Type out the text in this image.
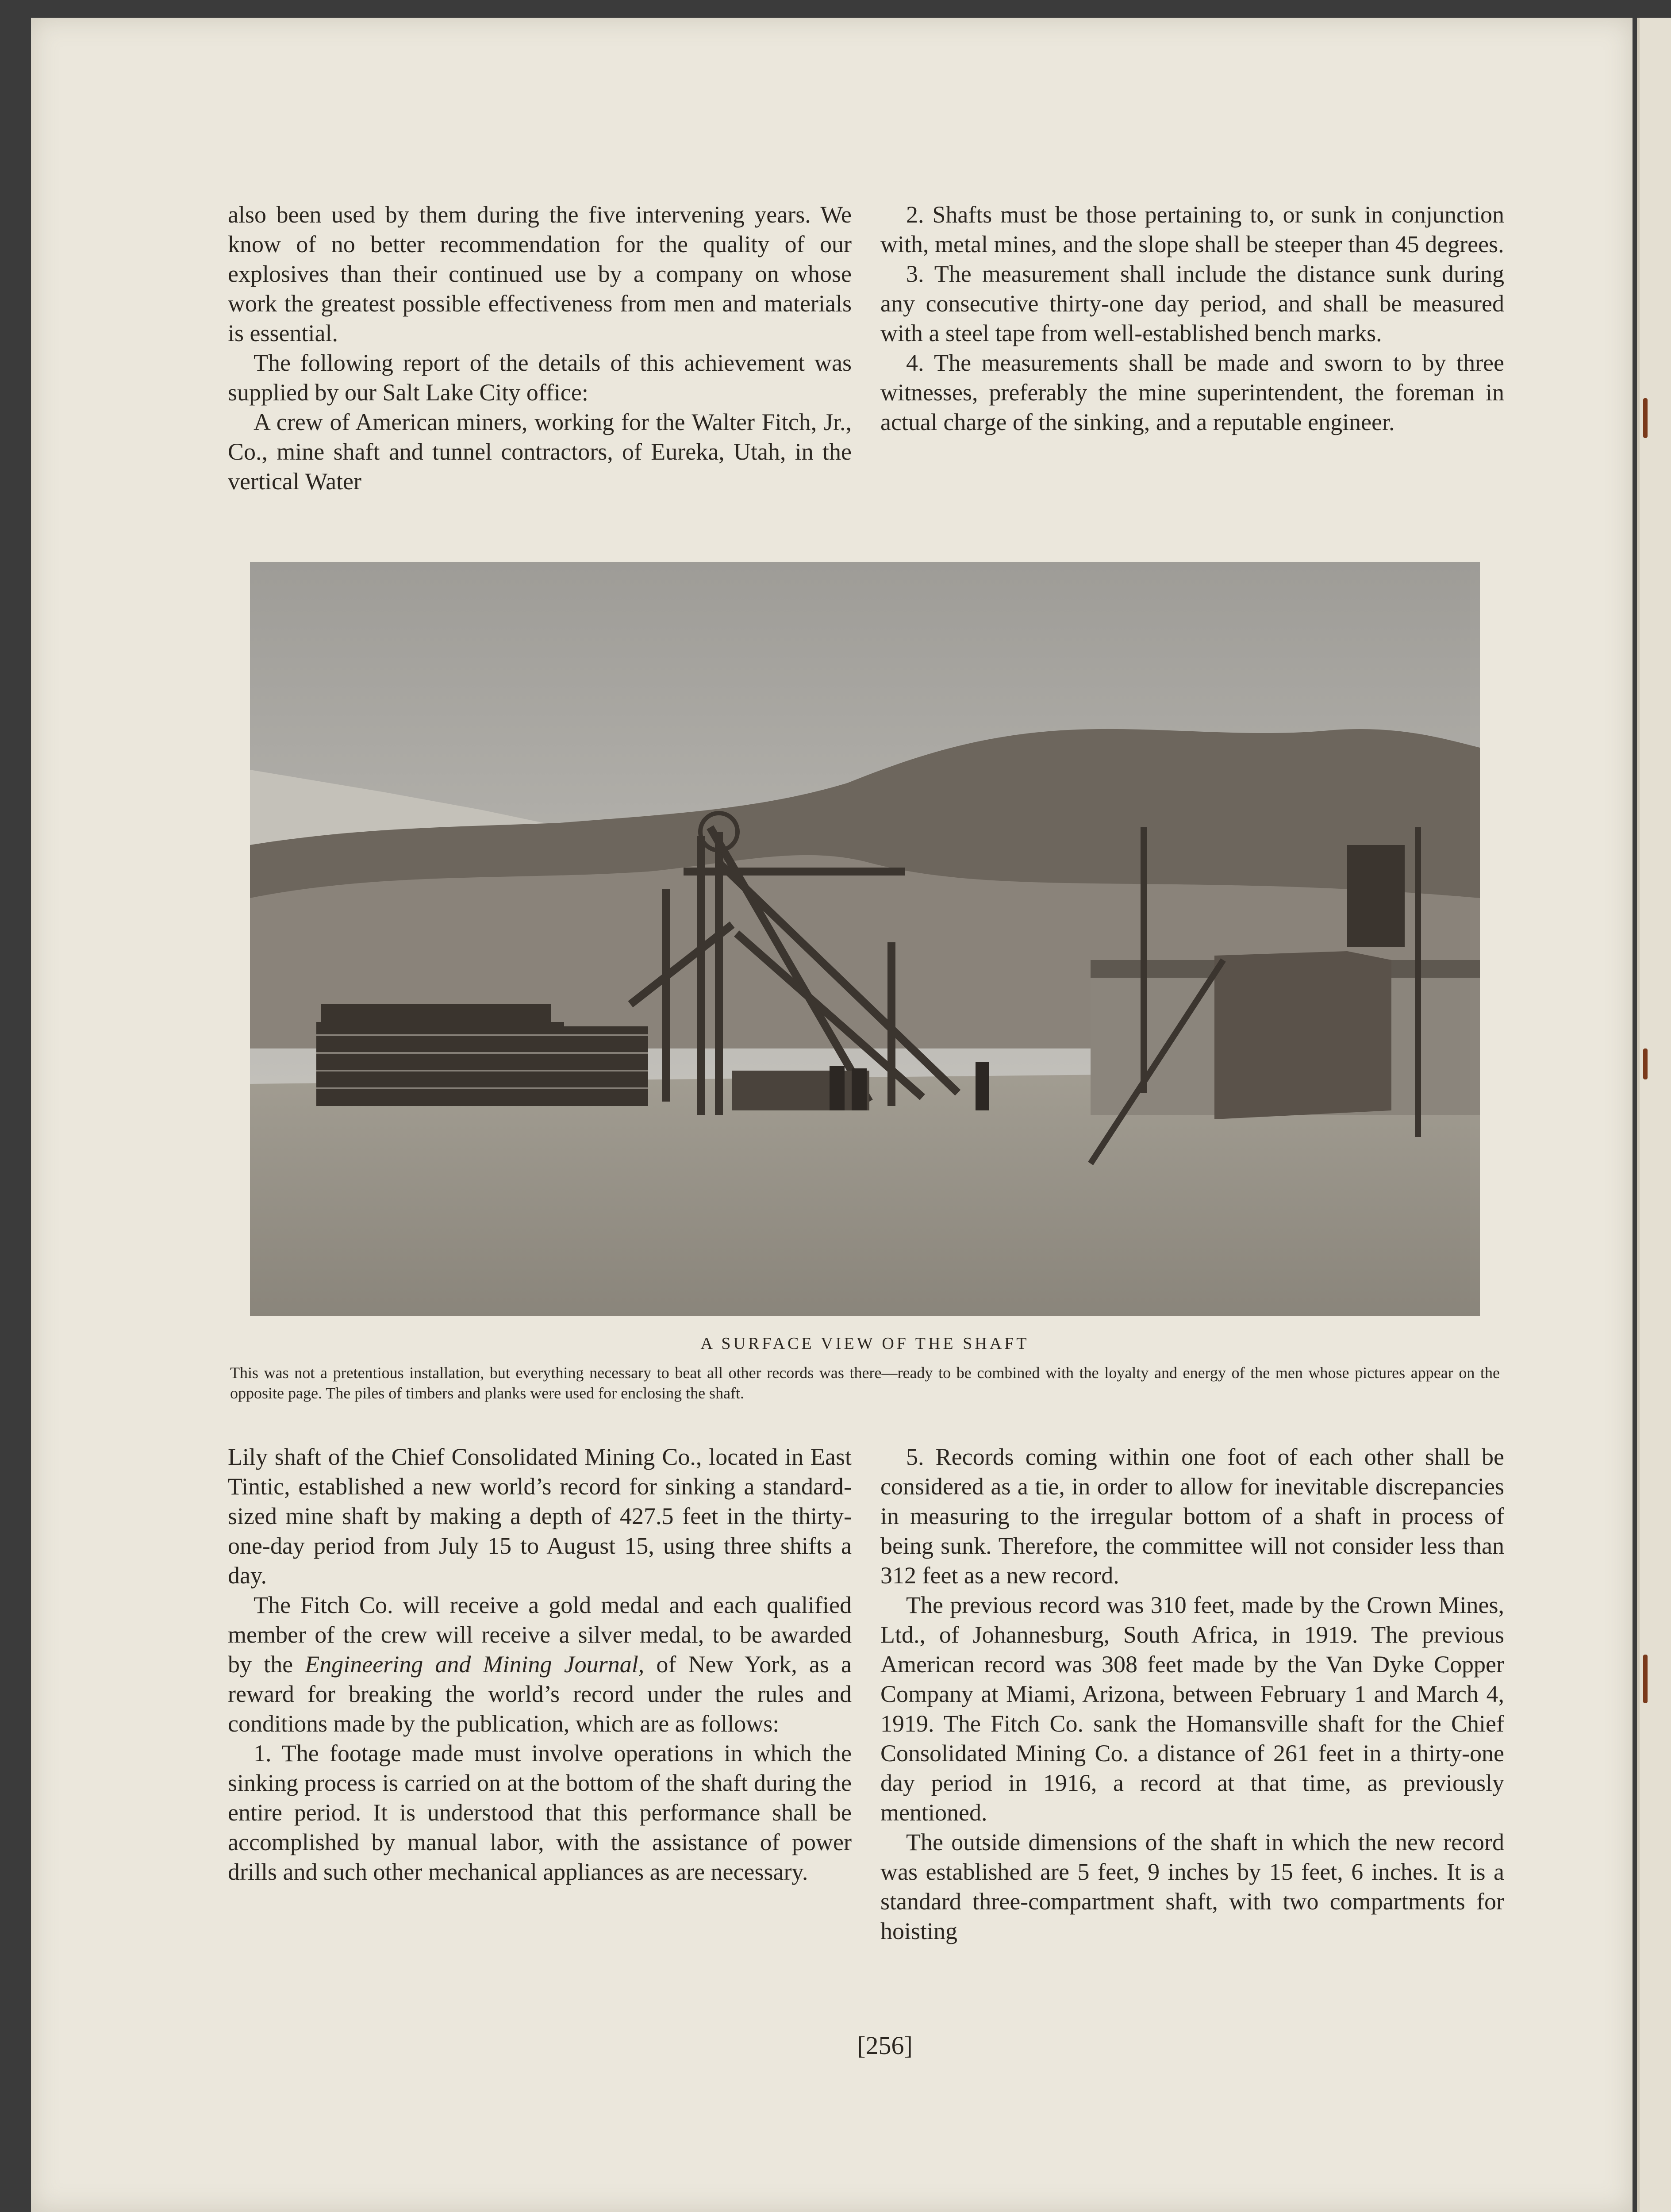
also been used by them during the five intervening years. We know of no better recommendation for the quality of our explosives than their continued use by a company on whose work the greatest possible effectiveness from men and materials is essential.

The following report of the details of this achievement was supplied by our Salt Lake City office:

A crew of American miners, working for the Walter Fitch, Jr., Co., mine shaft and tunnel contractors, of Eureka, Utah, in the vertical Water

2. Shafts must be those pertaining to, or sunk in conjunction with, metal mines, and the slope shall be steeper than 45 degrees.

3. The measurement shall include the distance sunk during any consecutive thirty-one day period, and shall be measured with a steel tape from well-established bench marks.

4. The measurements shall be made and sworn to by three witnesses, preferably the mine superintendent, the foreman in actual charge of the sinking, and a reputable engineer.

A SURFACE VIEW OF THE SHAFT
This was not a pretentious installation, but everything necessary to beat all other records was there—ready to be combined with the loyalty and energy of the men whose pictures appear on the opposite page. The piles of timbers and planks were used for enclosing the shaft.

Lily shaft of the Chief Consolidated Mining Co., located in East Tintic, established a new world’s record for sinking a standard-sized mine shaft by making a depth of 427.5 feet in the thirty-one-day period from July 15 to August 15, using three shifts a day.

The Fitch Co. will receive a gold medal and each qualified member of the crew will receive a silver medal, to be awarded by the Engineering and Mining Journal, of New York, as a reward for breaking the world’s record under the rules and conditions made by the publication, which are as follows:

1. The footage made must involve operations in which the sinking process is carried on at the bottom of the shaft during the entire period. It is understood that this performance shall be accomplished by manual labor, with the assistance of power drills and such other mechanical appliances as are necessary.

5. Records coming within one foot of each other shall be considered as a tie, in order to allow for inevitable discrepancies in measuring to the irregular bottom of a shaft in process of being sunk. Therefore, the committee will not consider less than 312 feet as a new record.

The previous record was 310 feet, made by the Crown Mines, Ltd., of Johannesburg, South Africa, in 1919. The previous American record was 308 feet made by the Van Dyke Copper Company at Miami, Arizona, between February 1 and March 4, 1919. The Fitch Co. sank the Homansville shaft for the Chief Consolidated Mining Co. a distance of 261 feet in a thirty-one day period in 1916, a record at that time, as previously mentioned.

The outside dimensions of the shaft in which the new record was established are 5 feet, 9 inches by 15 feet, 6 inches. It is a standard three-compartment shaft, with two compartments for hoisting

[256]
